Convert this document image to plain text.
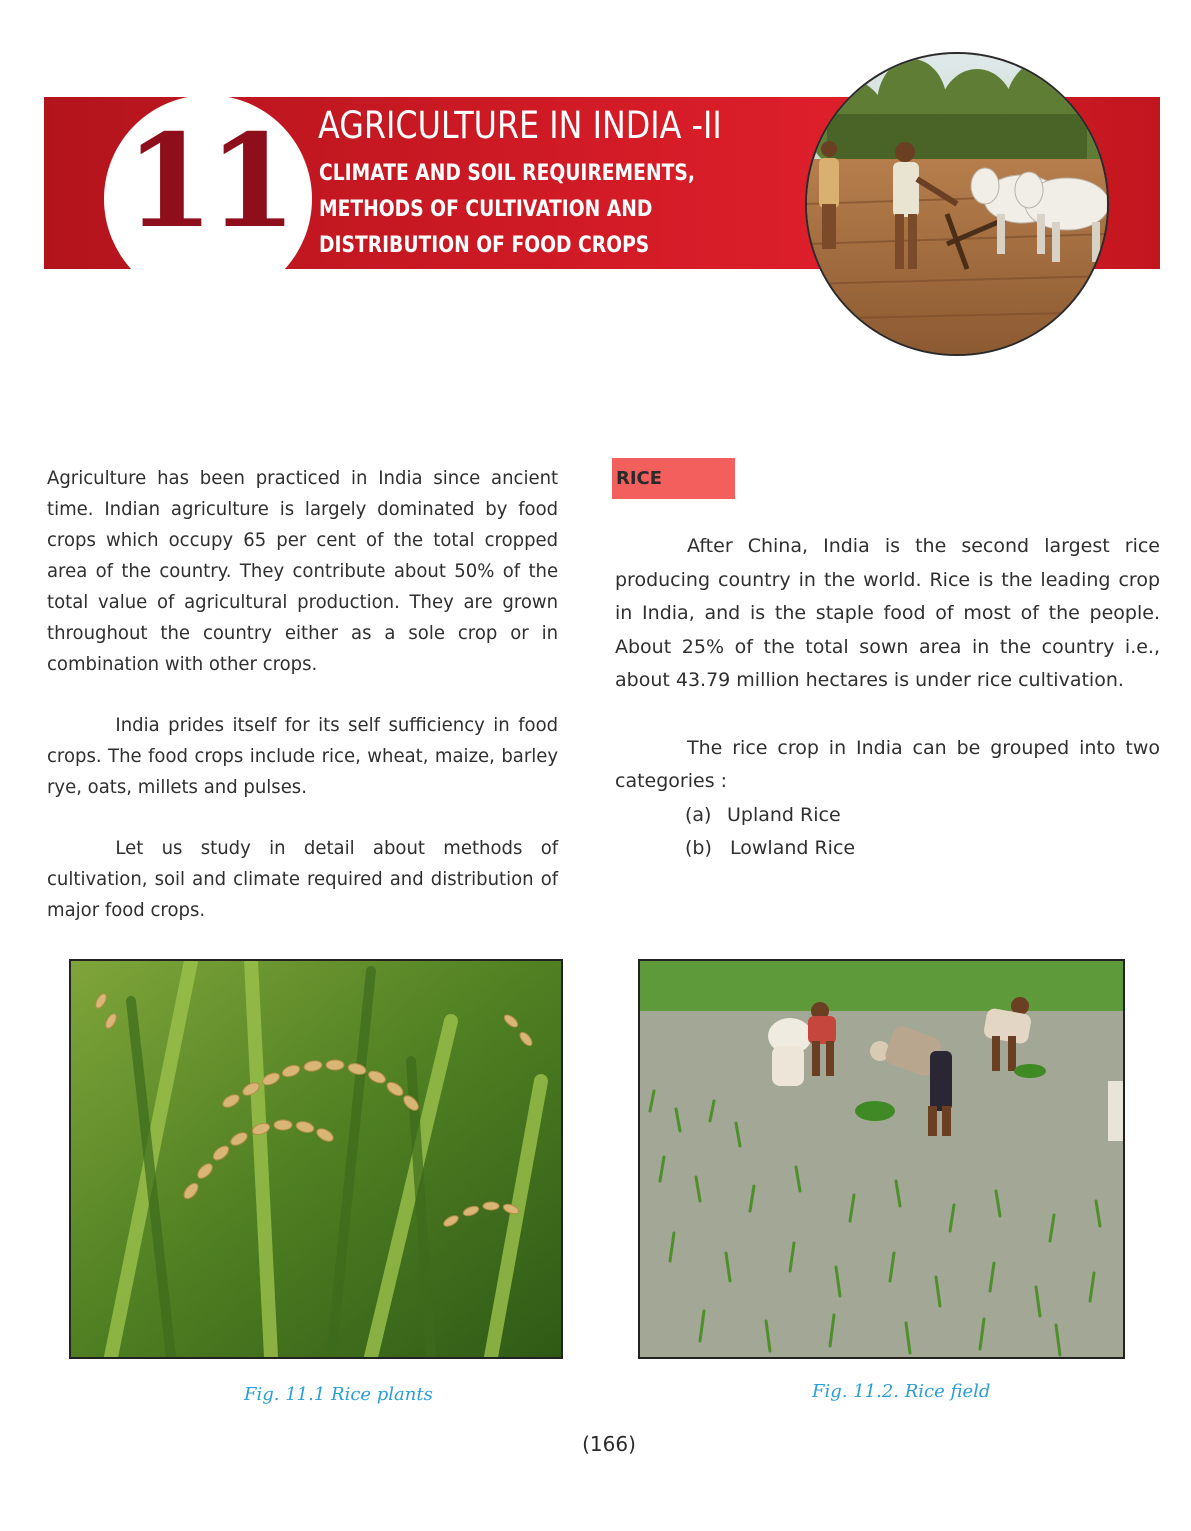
11 AGRICULTURE IN INDIA -II
CLIMATE AND SOIL REQUIREMENTS,
METHODS OF CULTIVATION AND
DISTRIBUTION OF FOOD CROPS

Agriculture has been practiced in India since ancient time. Indian agriculture is largely dominated by food crops which occupy 65 per cent of the total cropped area of the country. They contribute about 50% of the total value of agricultural production. They are grown throughout the country either as a sole crop or in combination with other crops.

India prides itself for its self sufficiency in food crops. The food crops include rice, wheat, maize, barley rye, oats, millets and pulses.

Let us study in detail about methods of cultivation, soil and climate required and distribution of major food crops.

RICE

After China, India is the second largest rice producing country in the world. Rice is the leading crop in India, and is the staple food of most of the people. About 25% of the total sown area in the country i.e., about 43.79 million hectares is under rice cultivation.

The rice crop in India can be grouped into two categories :

(a) Upland Rice
(b) Lowland Rice
Fig. 11.1 Rice plants	Fig. 11.2. Rice field
(166)
